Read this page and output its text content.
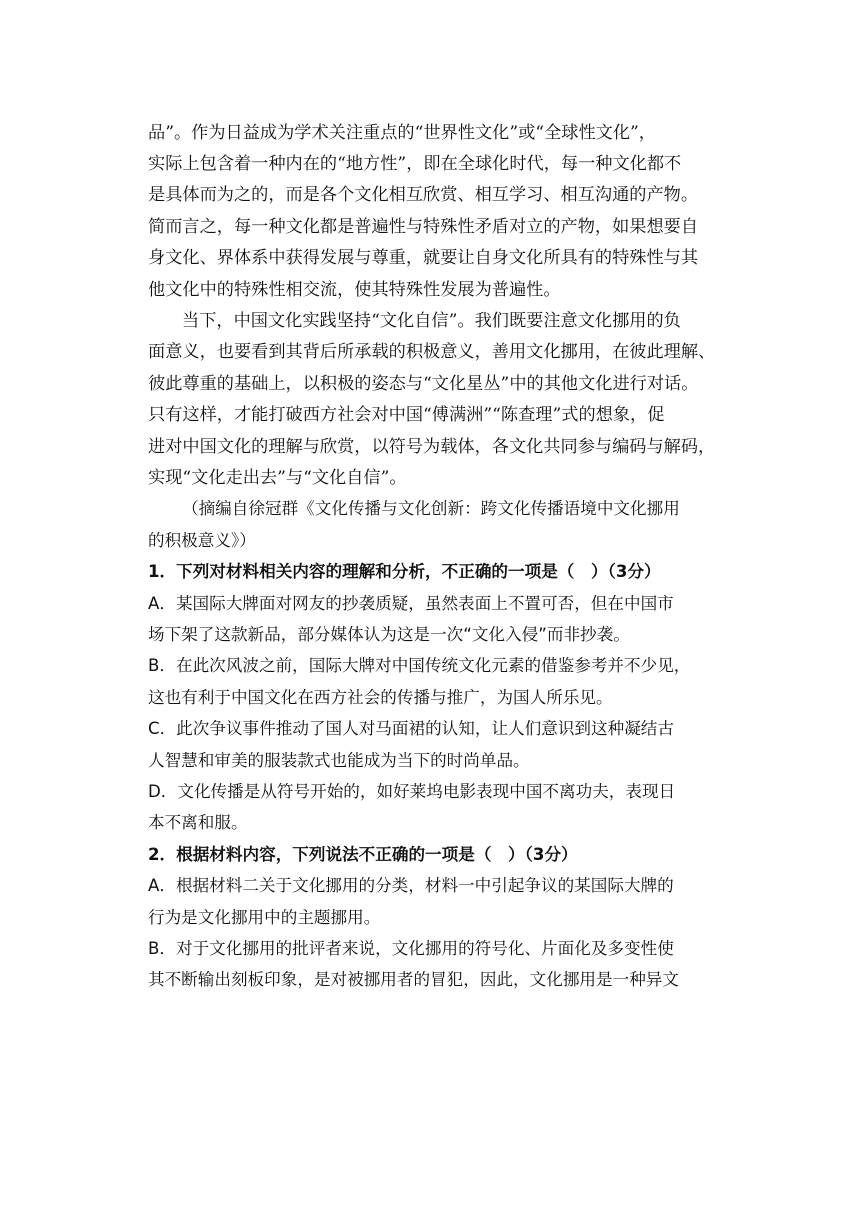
品”。作为日益成为学术关注重点的“世界性文化”或“全球性文化”，
实际上包含着一种内在的“地方性”，即在全球化时代，每一种文化都不
是具体而为之的，而是各个文化相互欣赏、相互学习、相互沟通的产物。
简而言之，每一种文化都是普遍性与特殊性矛盾对立的产物，如果想要自
身文化、界体系中获得发展与尊重，就要让自身文化所具有的特殊性与其
他文化中的特殊性相交流，使其特殊性发展为普遍性。
当下，中国文化实践坚持“文化自信”。我们既要注意文化挪用的负
面意义，也要看到其背后所承载的积极意义，善用文化挪用，在彼此理解、
彼此尊重的基础上，以积极的姿态与“文化星丛”中的其他文化进行对话。
只有这样，才能打破西方社会对中国“傅满洲”“陈查理”式的想象，促
进对中国文化的理解与欣赏，以符号为载体，各文化共同参与编码与解码，
实现“文化走出去”与“文化自信”。
（摘编自徐冠群《文化传播与文化创新：跨文化传播语境中文化挪用
的积极意义》）
1．下列对材料相关内容的理解和分析，不正确的一项是（　）（3分）
A．某国际大牌面对网友的抄袭质疑，虽然表面上不置可否，但在中国市
场下架了这款新品，部分媒体认为这是一次“文化入侵”而非抄袭。
B．在此次风波之前，国际大牌对中国传统文化元素的借鉴参考并不少见，
这也有利于中国文化在西方社会的传播与推广，为国人所乐见。
C．此次争议事件推动了国人对马面裙的认知，让人们意识到这种凝结古
人智慧和审美的服装款式也能成为当下的时尚单品。
D．文化传播是从符号开始的，如好莱坞电影表现中国不离功夫，表现日
本不离和服。
2．根据材料内容，下列说法不正确的一项是（　）（3分）
A．根据材料二关于文化挪用的分类，材料一中引起争议的某国际大牌的
行为是文化挪用中的主题挪用。
B．对于文化挪用的批评者来说，文化挪用的符号化、片面化及多变性使
其不断输出刻板印象，是对被挪用者的冒犯，因此，文化挪用是一种异文
